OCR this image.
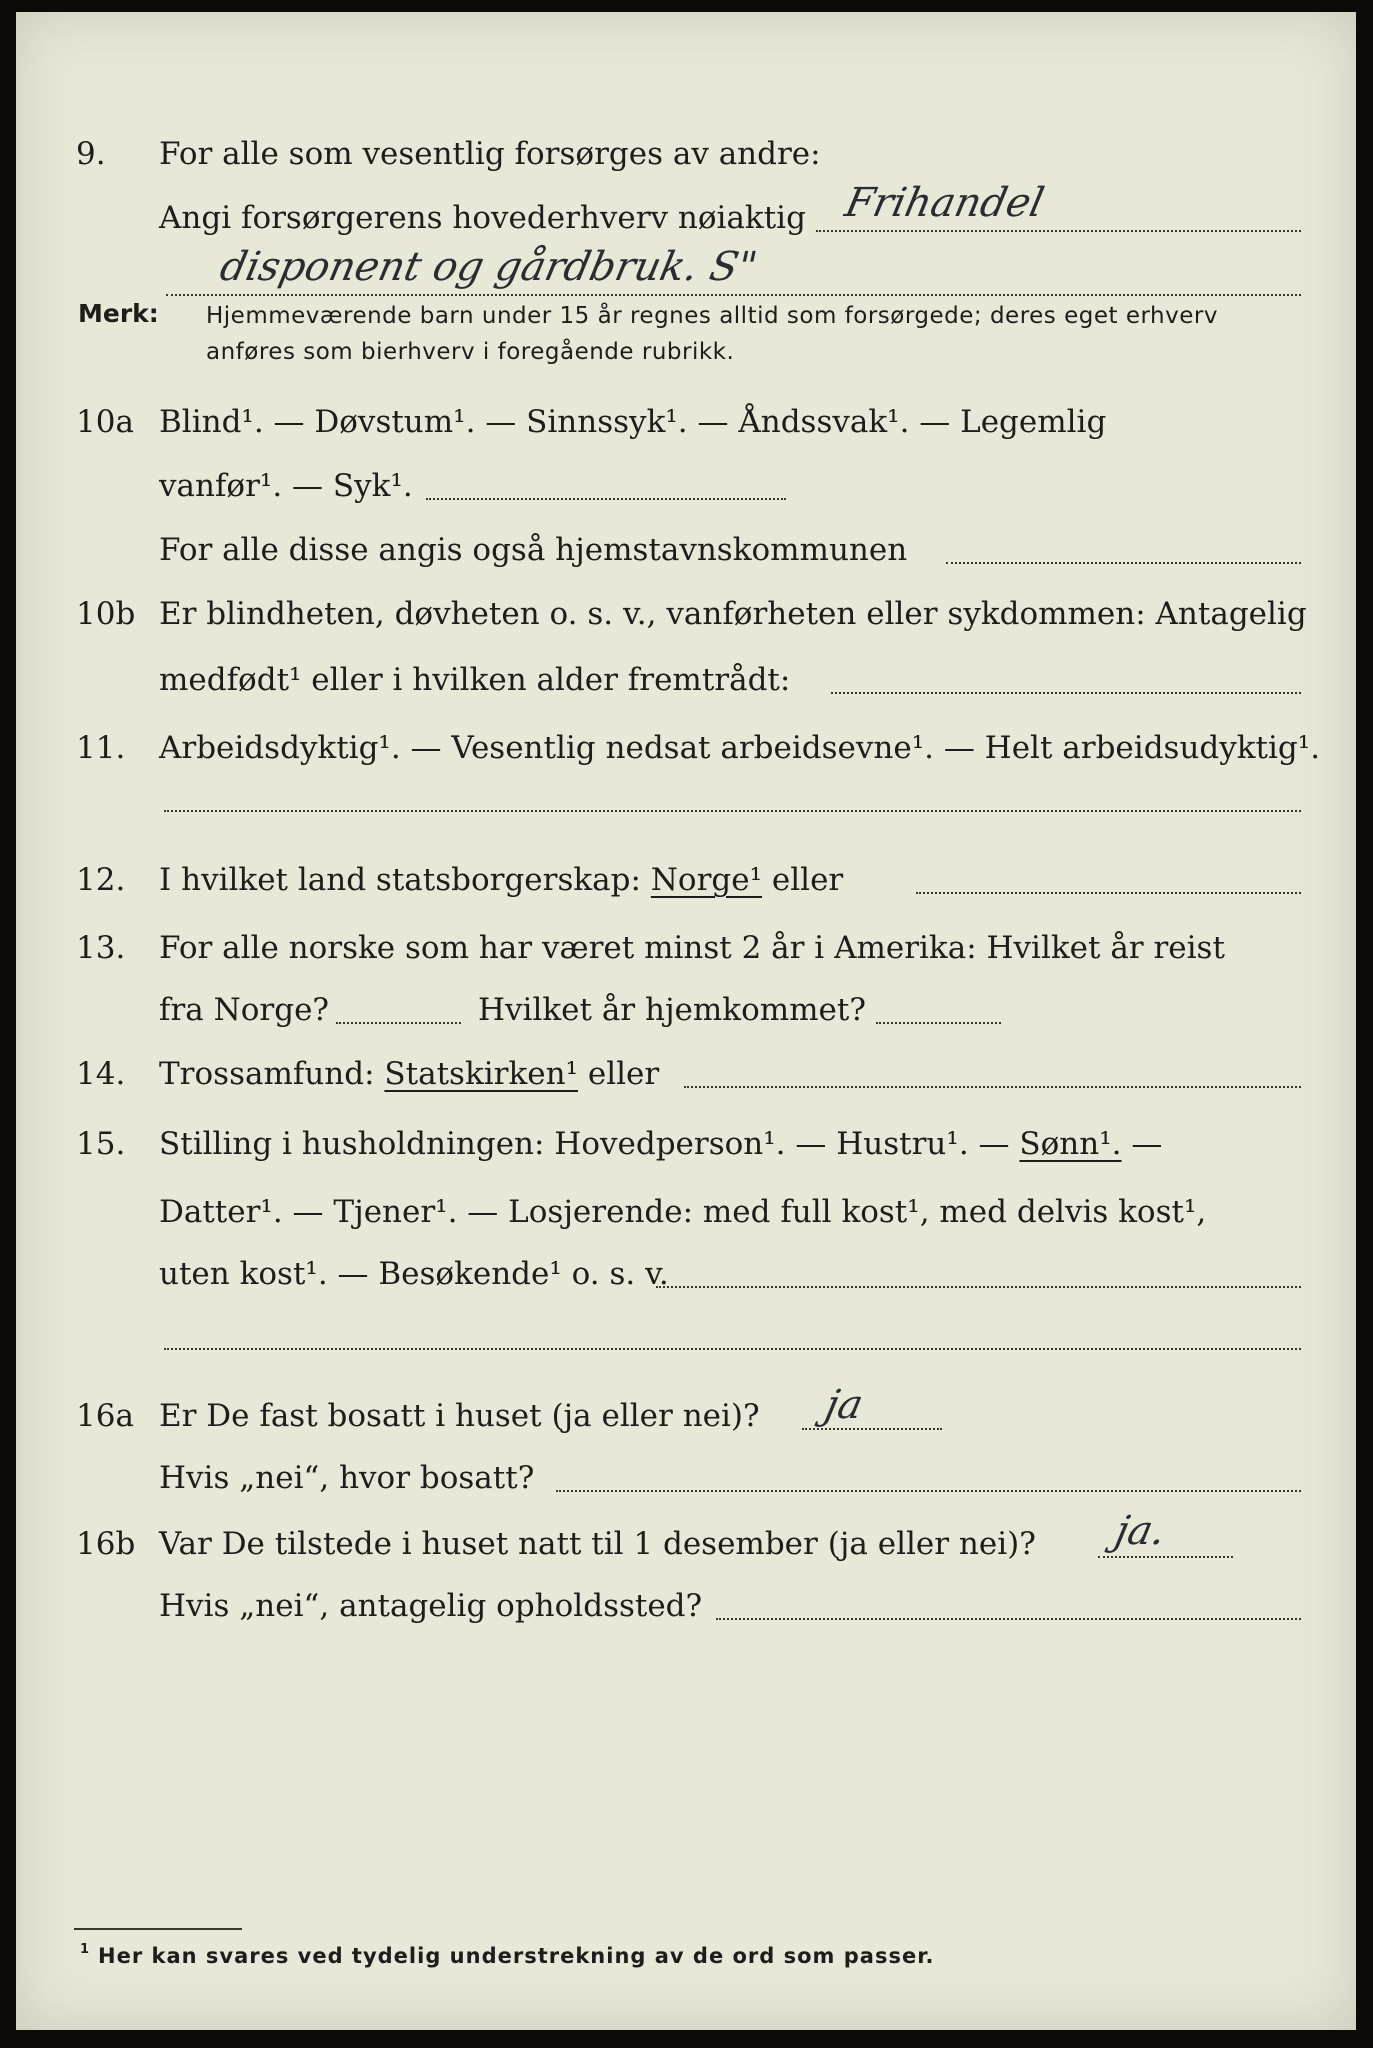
9. For alle som vesentlig forsørges av andre:
Angi forsørgerens hovederhverv nøiaktig Frihandel
disponent og gårdbruk. S"
Merk: Hjemmeværende barn under 15 år regnes alltid som forsørgede; deres eget erhverv
anføres som bierhverv i foregående rubrikk.
10a Blind¹. — Døvstum¹. — Sinnssyk¹. — Åndssvak¹. — Legemlig
vanfør¹. — Syk¹.
For alle disse angis også hjemstavnskommunen
10b Er blindheten, døvheten o. s. v., vanførheten eller sykdommen: Antagelig
medfødt¹ eller i hvilken alder fremtrådt:
11. Arbeidsdyktig¹. — Vesentlig nedsat arbeidsevne¹. — Helt arbeidsudyktig¹.
12. I hvilket land statsborgerskap: Norge¹ eller
13. For alle norske som har været minst 2 år i Amerika: Hvilket år reist
fra Norge?	Hvilket år hjemkommet?
14. Trossamfund: Statskirken¹ eller
15. Stilling i husholdningen: Hovedperson¹. — Hustru¹. — Sønn¹. —
Datter¹. — Tjener¹. — Losjerende: med full kost¹, med delvis kost¹,
uten kost¹. — Besøkende¹ o. s. v.
16a Er De fast bosatt i huset (ja eller nei)? ja
Hvis „nei“, hvor bosatt?
16b Var De tilstede i huset natt til 1 desember (ja eller nei)? ja.
Hvis „nei“, antagelig opholdssted?
1 Her kan svares ved tydelig understrekning av de ord som passer.
